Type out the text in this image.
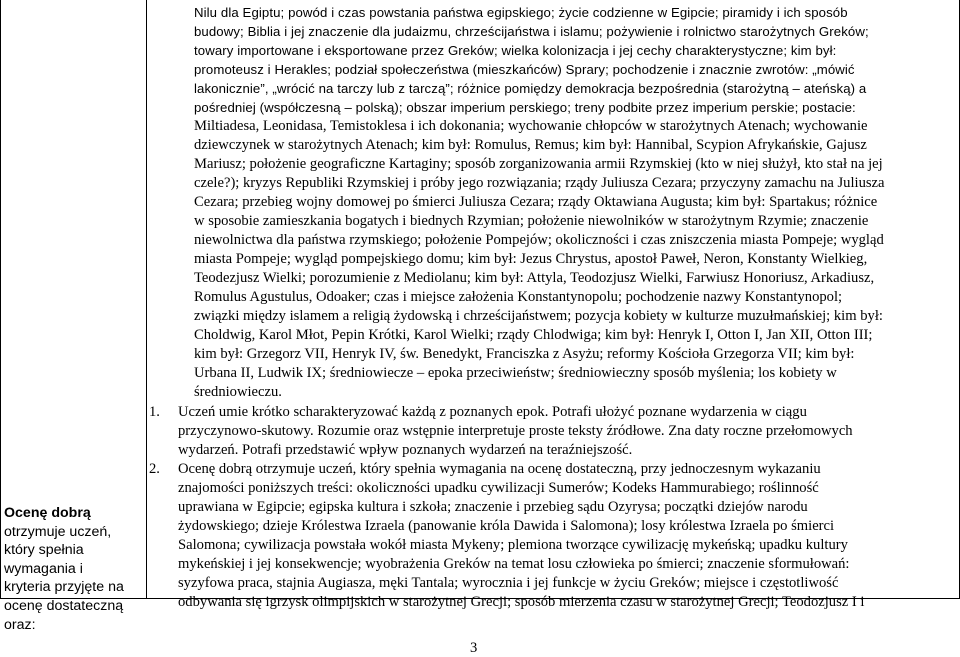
Ocenę dobrą
otrzymuje uczeń,
który spełnia
wymagania i
kryteria przyjęte na
ocenę dostateczną
oraz:
Nilu dla Egiptu; powód i czas powstania państwa egipskiego; życie codzienne w Egipcie; piramidy i ich sposób
budowy; Biblia i jej znaczenie dla judaizmu, chrześcijaństwa i islamu; pożywienie i rolnictwo starożytnych Greków;
towary importowane i eksportowane przez Greków; wielka kolonizacja i jej cechy charakterystyczne; kim był:
promoteusz i Herakles; podział społeczeństwa (mieszkańców) Sprary; pochodzenie i znacznie zwrotów: „mówić
lakonicznie”, „wrócić na tarczy lub z tarczą”; różnice pomiędzy demokracja bezpośrednia (starożytną – ateńską) a
pośredniej (współczesną – polską); obszar imperium perskiego; treny podbite przez imperium perskie; postacie:
Miltiadesa, Leonidasa, Temistoklesa i ich dokonania; wychowanie chłopców w starożytnych Atenach; wychowanie
dziewczynek w starożytnych Atenach; kim był: Romulus, Remus; kim był: Hannibal, Scypion Afrykańskie, Gajusz
Mariusz; położenie geograficzne Kartaginy; sposób zorganizowania armii Rzymskiej (kto w niej służył, kto stał na jej
czele?); kryzys Republiki Rzymskiej i próby jego rozwiązania; rządy Juliusza Cezara; przyczyny zamachu na Juliusza
Cezara; przebieg wojny domowej po śmierci Juliusza Cezara; rządy Oktawiana Augusta; kim był: Spartakus; różnice
w sposobie zamieszkania bogatych i biednych Rzymian; położenie niewolników w starożytnym Rzymie; znaczenie
niewolnictwa dla państwa rzymskiego; położenie Pompejów; okoliczności i czas zniszczenia miasta Pompeje; wygląd
miasta Pompeje; wygląd pompejskiego domu; kim był: Jezus Chrystus, apostoł Paweł, Neron, Konstanty Wielkieg,
Teodezjusz Wielki; porozumienie z Mediolanu; kim był: Attyla, Teodozjusz Wielki, Farwiusz Honoriusz, Arkadiusz,
Romulus Agustulus, Odoaker; czas i miejsce założenia Konstantynopolu; pochodzenie nazwy Konstantynopol;
związki między islamem a religią żydowską i chrześcijaństwem; pozycja kobiety w kulturze muzułmańskiej; kim był:
Choldwig, Karol Młot, Pepin Krótki, Karol Wielki; rządy Chlodwiga; kim był: Henryk I, Otton I, Jan XII, Otton III;
kim był: Grzegorz VII, Henryk IV, św. Benedykt, Franciszka z Asyżu; reformy Kościoła Grzegorza VII; kim był:
Urbana II, Ludwik IX; średniowiecze – epoka przeciwieństw; średniowieczny sposób myślenia; los kobiety w
średniowieczu.
1.	Uczeń umie krótko scharakteryzować każdą z poznanych epok. Potrafi ułożyć poznane wydarzenia w ciągu
przyczynowo-skutowy. Rozumie oraz wstępnie interpretuje proste teksty źródłowe. Zna daty roczne przełomowych
wydarzeń. Potrafi przedstawić wpływ poznanych wydarzeń na teraźniejszość.
2.	Ocenę dobrą otrzymuje uczeń, który spełnia wymagania na ocenę dostateczną, przy jednoczesnym wykazaniu
znajomości poniższych treści: okoliczności upadku cywilizacji Sumerów; Kodeks Hammurabiego; roślinność
uprawiana w Egipcie; egipska kultura i szkoła; znaczenie i przebieg sądu Ozyrysa; początki dziejów narodu
żydowskiego; dzieje Królestwa Izraela (panowanie króla Dawida i Salomona); losy królestwa Izraela po śmierci
Salomona; cywilizacja powstała wokół miasta Mykeny; plemiona tworzące cywilizację mykeńską; upadku kultury
mykeńskiej i jej konsekwencje; wyobrażenia Greków na temat losu człowieka po śmierci; znaczenie sformułowań:
syzyfowa praca, stajnia Augiasza, męki Tantala; wyrocznia i jej funkcje w życiu Greków; miejsce i częstotliwość
odbywania się igrzysk olimpijskich w starożytnej Grecji; sposób mierzenia czasu w starożytnej Grecji; Teodozjusz I i
3
